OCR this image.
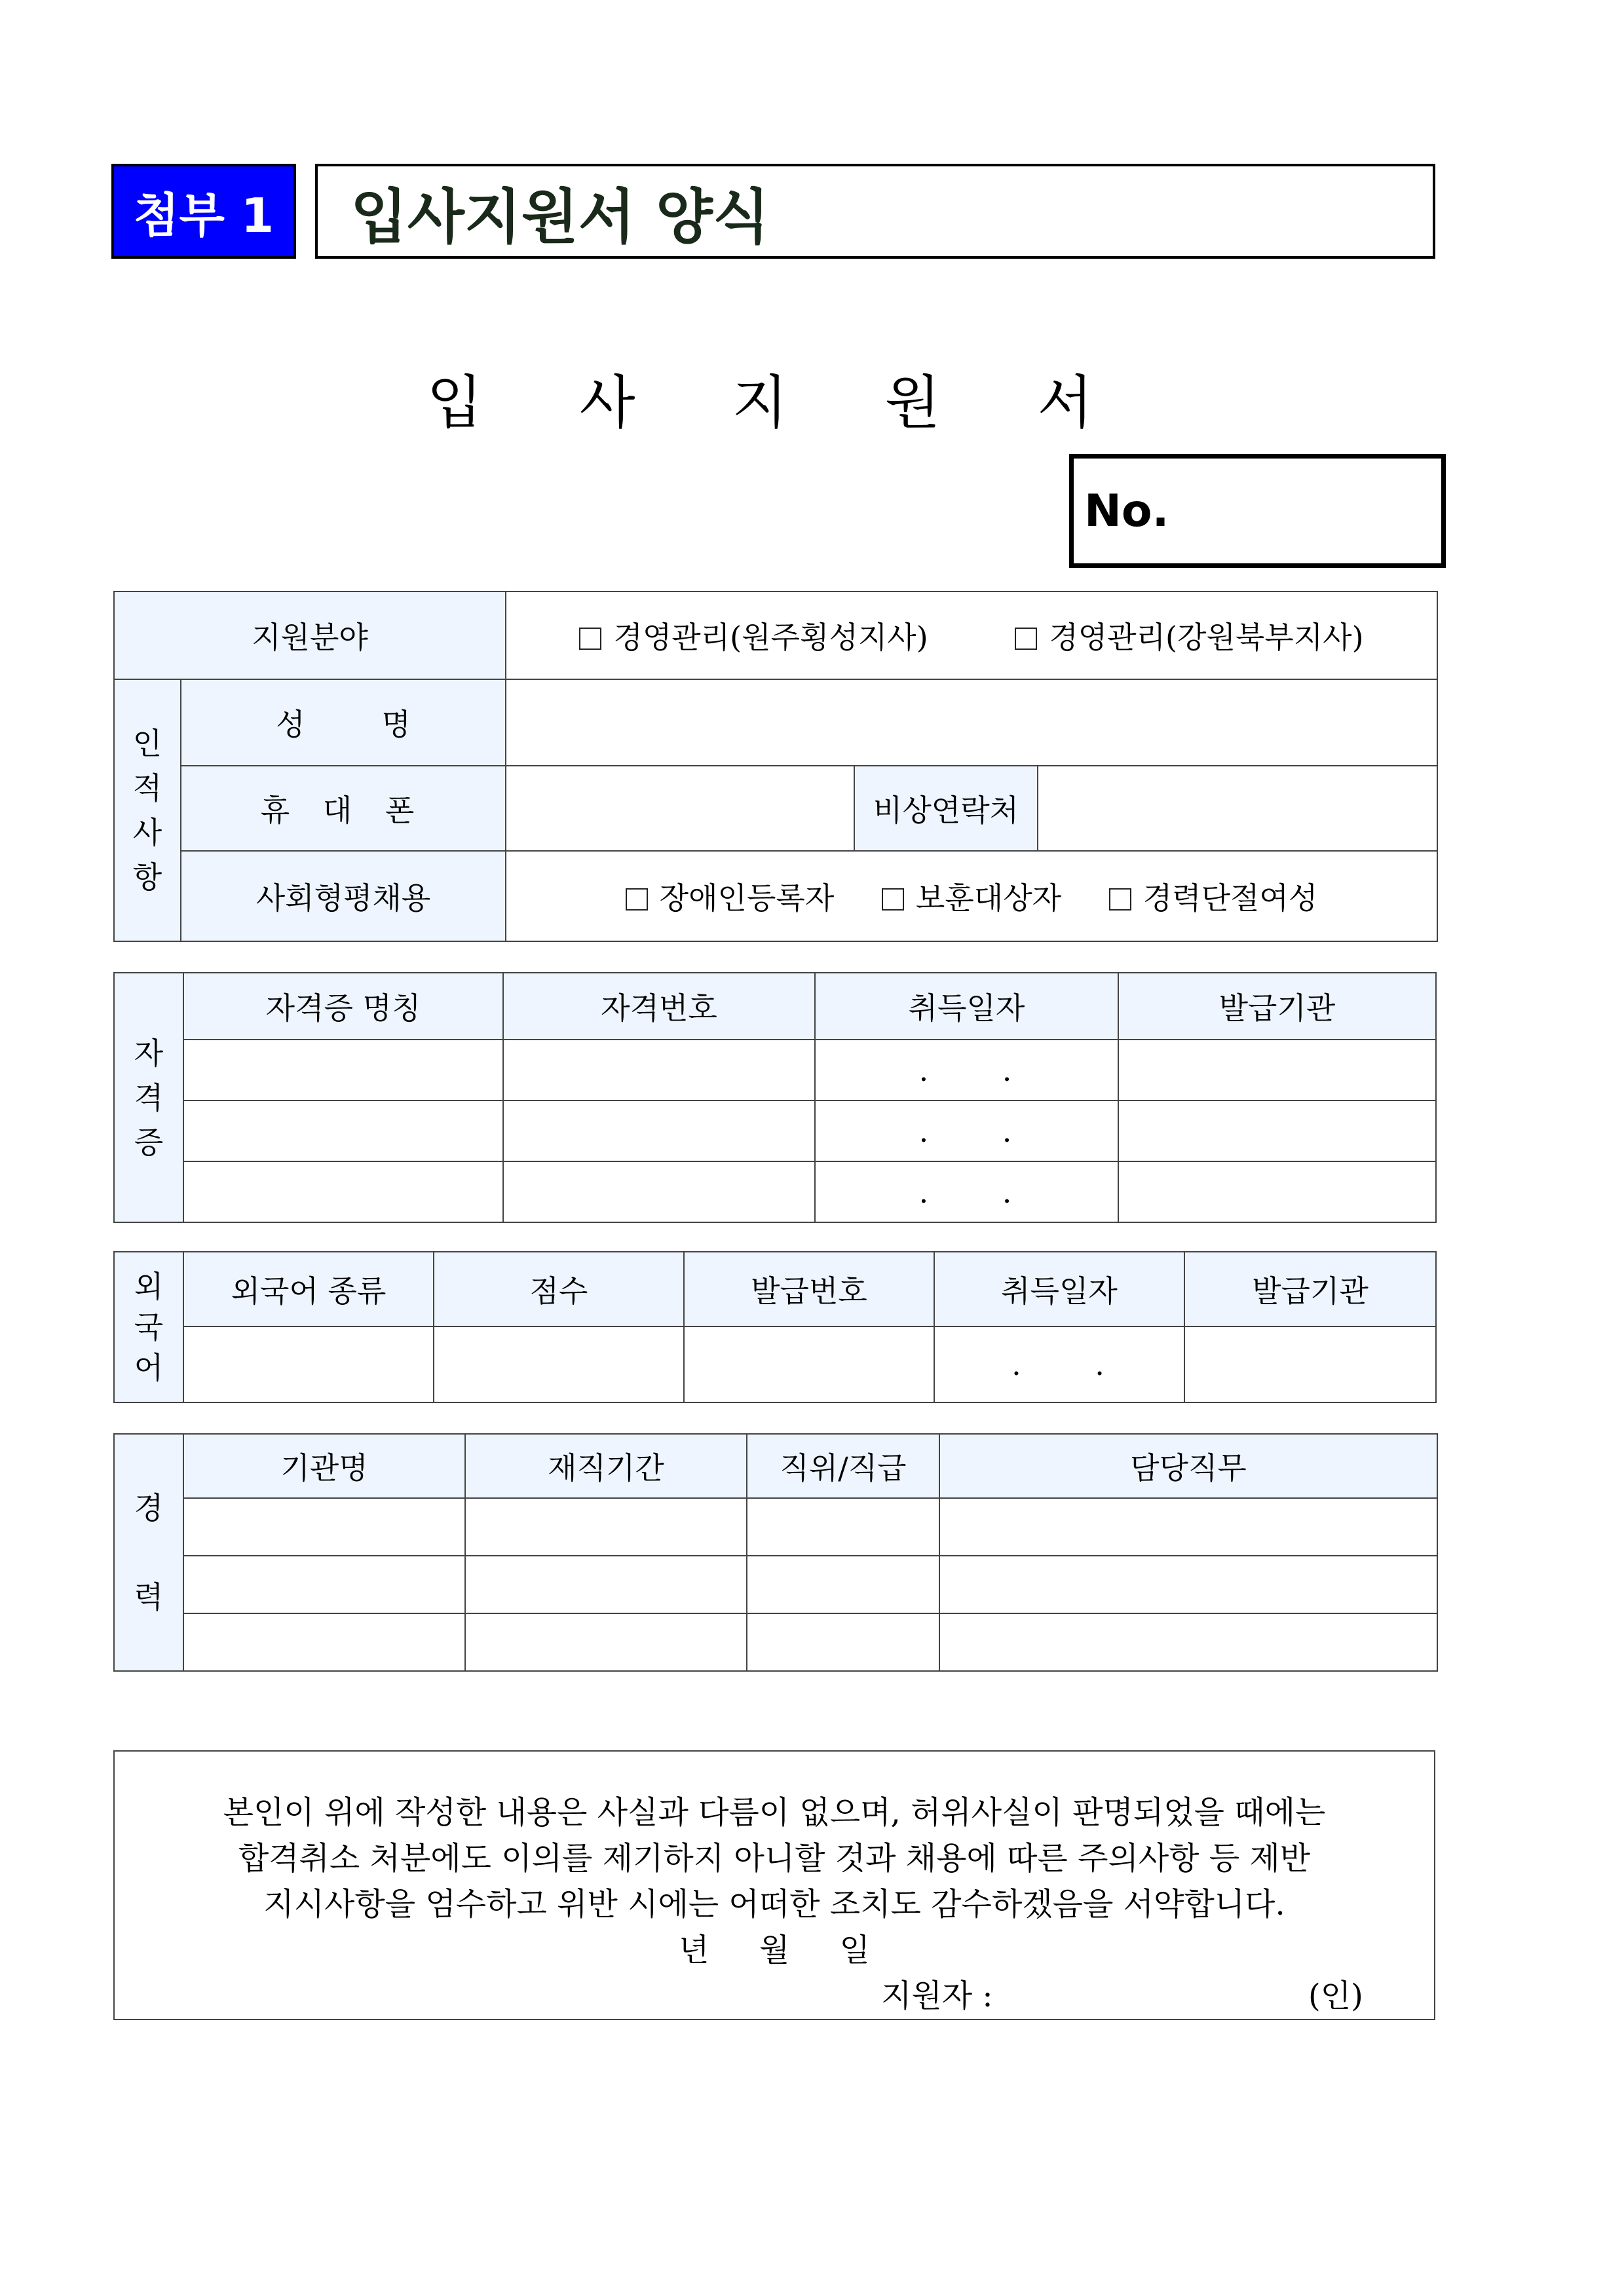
첨부 1	입사지원서 양식
입 사 지 원 서
No.
지원분야		경영관리(원주횡성지사) 경영관리(강원북부지사)		

인
적
사
항	성        명			
	휴 대 폰		비상연락처	
	사회형평채용	장애인등록자 보훈대상자 경력단절여성		
자
격
증	자격증 명칭	자격번호	취득일자	발급기관
			. .	
			. .	
			. .	
외
국
어	외국어 종류	점수	발급번호	취득일자	발급기관
				. .	
경
력	기관명	재직기간	직위/직급	담당직무

본인이 위에 작성한 내용은 사실과 다름이 없으며, 허위사실이 판명되었을 때에는

합격취소 처분에도 이의를 제기하지 아니할 것과 채용에 따른 주의사항 등 제반

지시사항을 엄수하고 위반 시에는 어떠한 조치도 감수하겠음을 서약합니다.

년     월     일

지원자 :	(인)
